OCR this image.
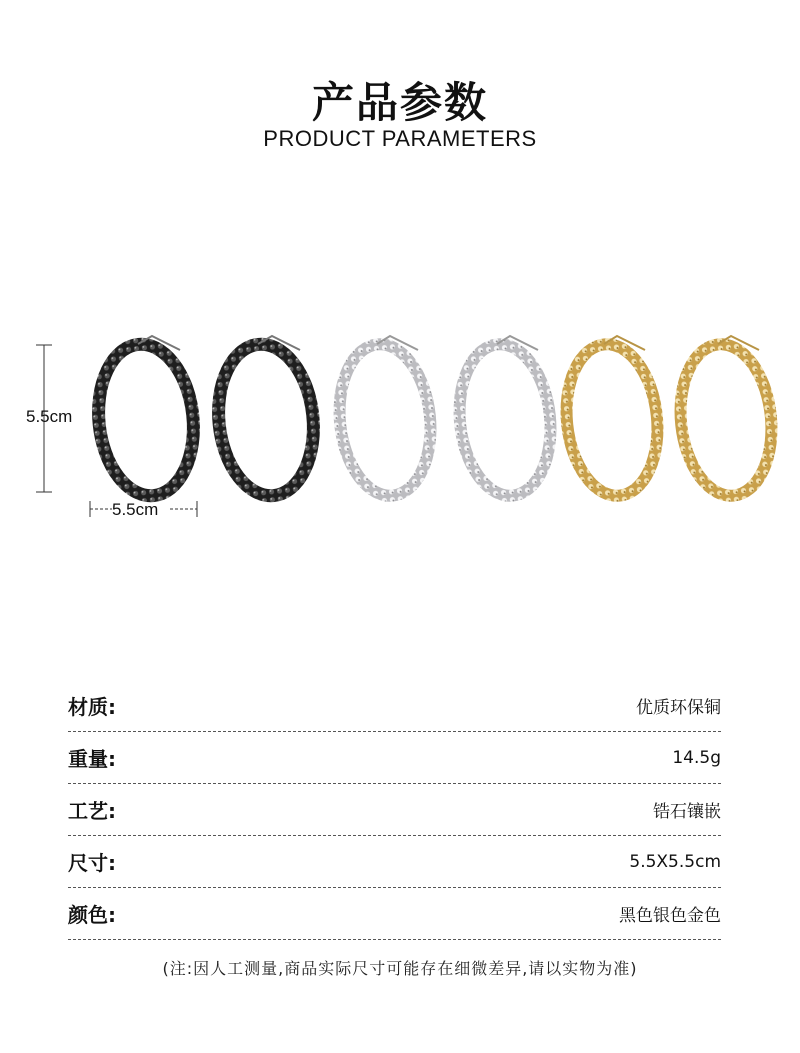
产品参数
PRODUCT PARAMETERS
5.5cm
5.5cm
材质:	优质环保铜
重量:	14.5g
工艺:	锆石镶嵌
尺寸:	5.5X5.5cm
颜色:	黑色银色金色
(注:因人工测量,商品实际尺寸可能存在细微差异,请以实物为准)
